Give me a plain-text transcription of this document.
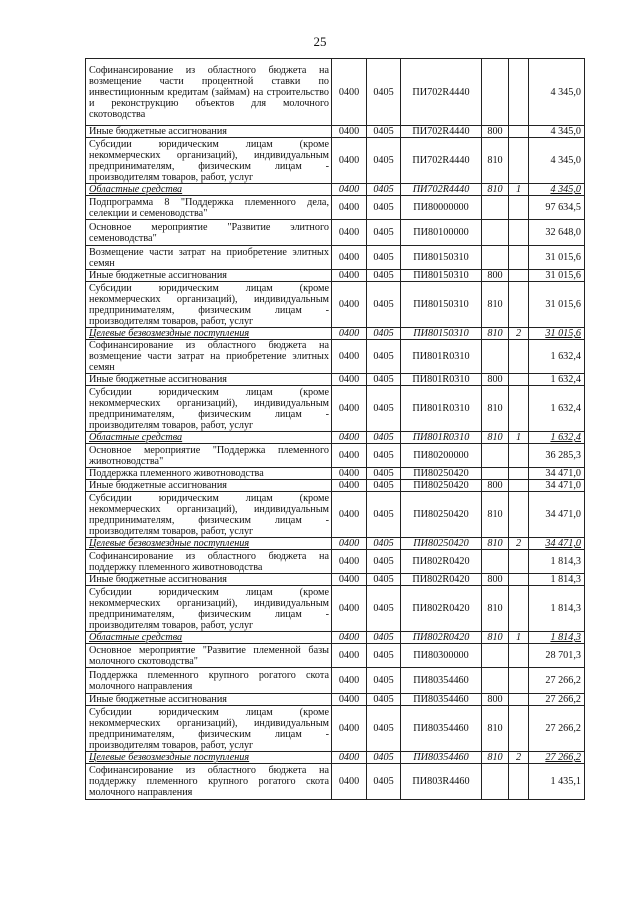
25
Софинансирование из областного бюджета на возмещение части процентной ставки по инвестиционным кредитам (займам) на строительство и реконструкцию объектов для молочного скотоводства	0400	0405	ПИ702R4440			4 345,0
Иные бюджетные ассигнования	0400	0405	ПИ702R4440	800		4 345,0
Субсидии юридическим лицам (кроме некоммерческих организаций), индивидуальным предпринимателям, физическим лицам - производителям товаров, работ, услуг	0400	0405	ПИ702R4440	810		4 345,0
Областные средства	0400	0405	ПИ702R4440	810	1	4 345,0
Подпрограмма 8 "Поддержка племенного дела, селекции и семеноводства"	0400	0405	ПИ80000000			97 634,5
Основное мероприятие "Развитие элитного семеноводства"	0400	0405	ПИ80100000			32 648,0
Возмещение части затрат на приобретение элитных семян	0400	0405	ПИ80150310			31 015,6
Иные бюджетные ассигнования	0400	0405	ПИ80150310	800		31 015,6
Субсидии юридическим лицам (кроме некоммерческих организаций), индивидуальным предпринимателям, физическим лицам - производителям товаров, работ, услуг	0400	0405	ПИ80150310	810		31 015,6
Целевые безвозмездные поступления	0400	0405	ПИ80150310	810	2	31 015,6
Софинансирование из областного бюджета на возмещение части затрат на приобретение элитных семян	0400	0405	ПИ801R0310			1 632,4
Иные бюджетные ассигнования	0400	0405	ПИ801R0310	800		1 632,4
Субсидии юридическим лицам (кроме некоммерческих организаций), индивидуальным предпринимателям, физическим лицам - производителям товаров, работ, услуг	0400	0405	ПИ801R0310	810		1 632,4
Областные средства	0400	0405	ПИ801R0310	810	1	1 632,4
Основное мероприятие "Поддержка племенного животноводства"	0400	0405	ПИ80200000			36 285,3
Поддержка племенного животноводства	0400	0405	ПИ80250420			34 471,0
Иные бюджетные ассигнования	0400	0405	ПИ80250420	800		34 471,0
Субсидии юридическим лицам (кроме некоммерческих организаций), индивидуальным предпринимателям, физическим лицам - производителям товаров, работ, услуг	0400	0405	ПИ80250420	810		34 471,0
Целевые безвозмездные поступления	0400	0405	ПИ80250420	810	2	34 471,0
Софинансирование из областного бюджета на поддержку племенного животноводства	0400	0405	ПИ802R0420			1 814,3
Иные бюджетные ассигнования	0400	0405	ПИ802R0420	800		1 814,3
Субсидии юридическим лицам (кроме некоммерческих организаций), индивидуальным предпринимателям, физическим лицам - производителям товаров, работ, услуг	0400	0405	ПИ802R0420	810		1 814,3
Областные средства	0400	0405	ПИ802R0420	810	1	1 814,3
Основное мероприятие "Развитие племенной базы молочного скотоводства"	0400	0405	ПИ80300000			28 701,3
Поддержка племенного крупного рогатого скота молочного направления	0400	0405	ПИ80354460			27 266,2
Иные бюджетные ассигнования	0400	0405	ПИ80354460	800		27 266,2
Субсидии юридическим лицам (кроме некоммерческих организаций), индивидуальным предпринимателям, физическим лицам - производителям товаров, работ, услуг	0400	0405	ПИ80354460	810		27 266,2
Целевые безвозмездные поступления	0400	0405	ПИ80354460	810	2	27 266,2
Софинансирование из областного бюджета на поддержку племенного крупного рогатого скота молочного направления	0400	0405	ПИ803R4460			1 435,1
